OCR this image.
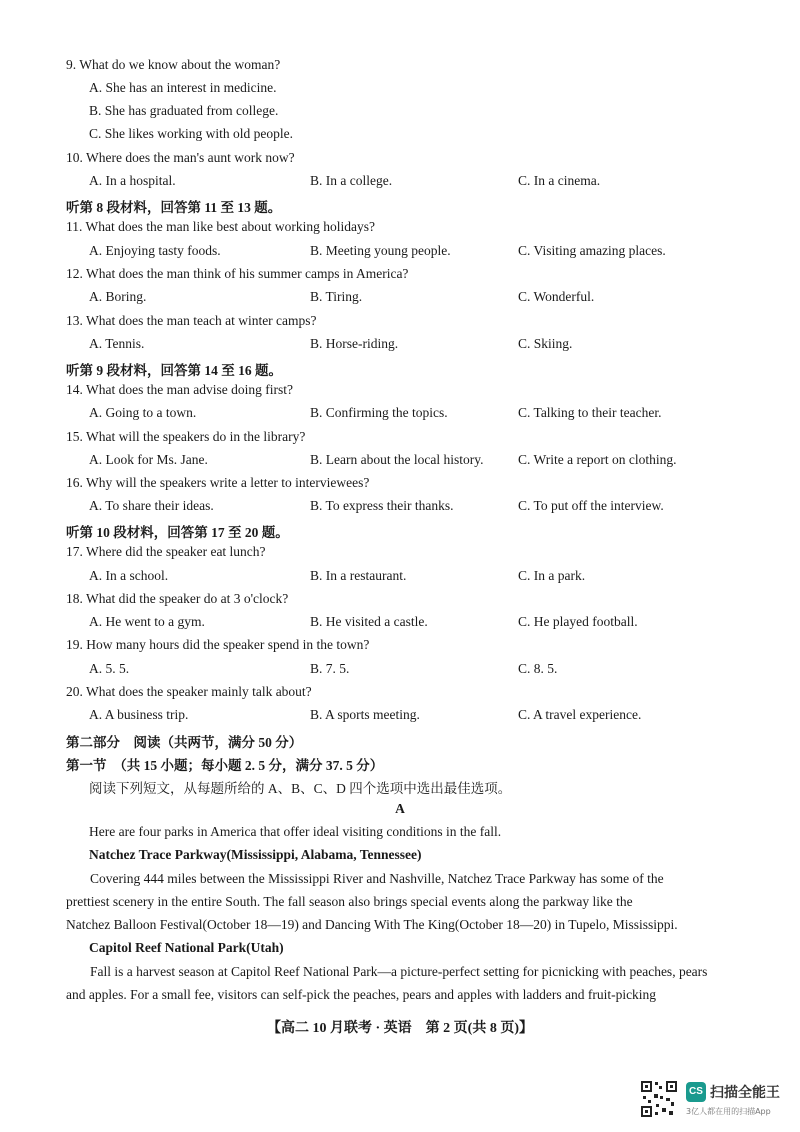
9. What do we know about the woman?
A. She has an interest in medicine.
B. She has graduated from college.
C. She likes working with old people.
10. Where does the man's aunt work now?
A. In a hospital.	B. In a college.	C. In a cinema.
听第 8 段材料，回答第 11 至 13 题。
11. What does the man like best about working holidays?
A. Enjoying tasty foods.	B. Meeting young people.	C. Visiting amazing places.
12. What does the man think of his summer camps in America?
A. Boring.	B. Tiring.	C. Wonderful.
13. What does the man teach at winter camps?
A. Tennis.	B. Horse-riding.	C. Skiing.
听第 9 段材料，回答第 14 至 16 题。
14. What does the man advise doing first?
A. Going to a town.	B. Confirming the topics.	C. Talking to their teacher.
15. What will the speakers do in the library?
A. Look for Ms. Jane.	B. Learn about the local history.	C. Write a report on clothing.
16. Why will the speakers write a letter to interviewees?
A. To share their ideas.	B. To express their thanks.	C. To put off the interview.
听第 10 段材料，回答第 17 至 20 题。
17. Where did the speaker eat lunch?
A. In a school.	B. In a restaurant.	C. In a park.
18. What did the speaker do at 3 o'clock?
A. He went to a gym.	B. He visited a castle.	C. He played football.
19. How many hours did the speaker spend in the town?
A. 5. 5.	B. 7. 5.	C. 8. 5.
20. What does the speaker mainly talk about?
A. A business trip.	B. A sports meeting.	C. A travel experience.
第二部分　阅读（共两节，满分 50 分）
第一节　（共 15 小题；每小题 2. 5 分，满分 37. 5 分）
阅读下列短文，从每题所给的 A、B、C、D 四个选项中选出最佳选项。
A
Here are four parks in America that offer ideal visiting conditions in the fall.
Natchez Trace Parkway(Mississippi, Alabama, Tennessee)
Covering 444 miles between the Mississippi River and Nashville, Natchez Trace Parkway has some of the
prettiest scenery in the entire South. The fall season also brings special events along the parkway like the
Natchez Balloon Festival(October 18—19) and Dancing With The King(October 18—20) in Tupelo, Mississippi.
Capitol Reef National Park(Utah)
Fall is a harvest season at Capitol Reef National Park—a picture-perfect setting for picnicking with peaches, pears
and apples. For a small fee, visitors can self-pick the peaches, pears and apples with ladders and fruit-picking
【高二 10 月联考 · 英语　第 2 页(共 8 页)】
CS 扫描全能王
3亿人都在用的扫描App
